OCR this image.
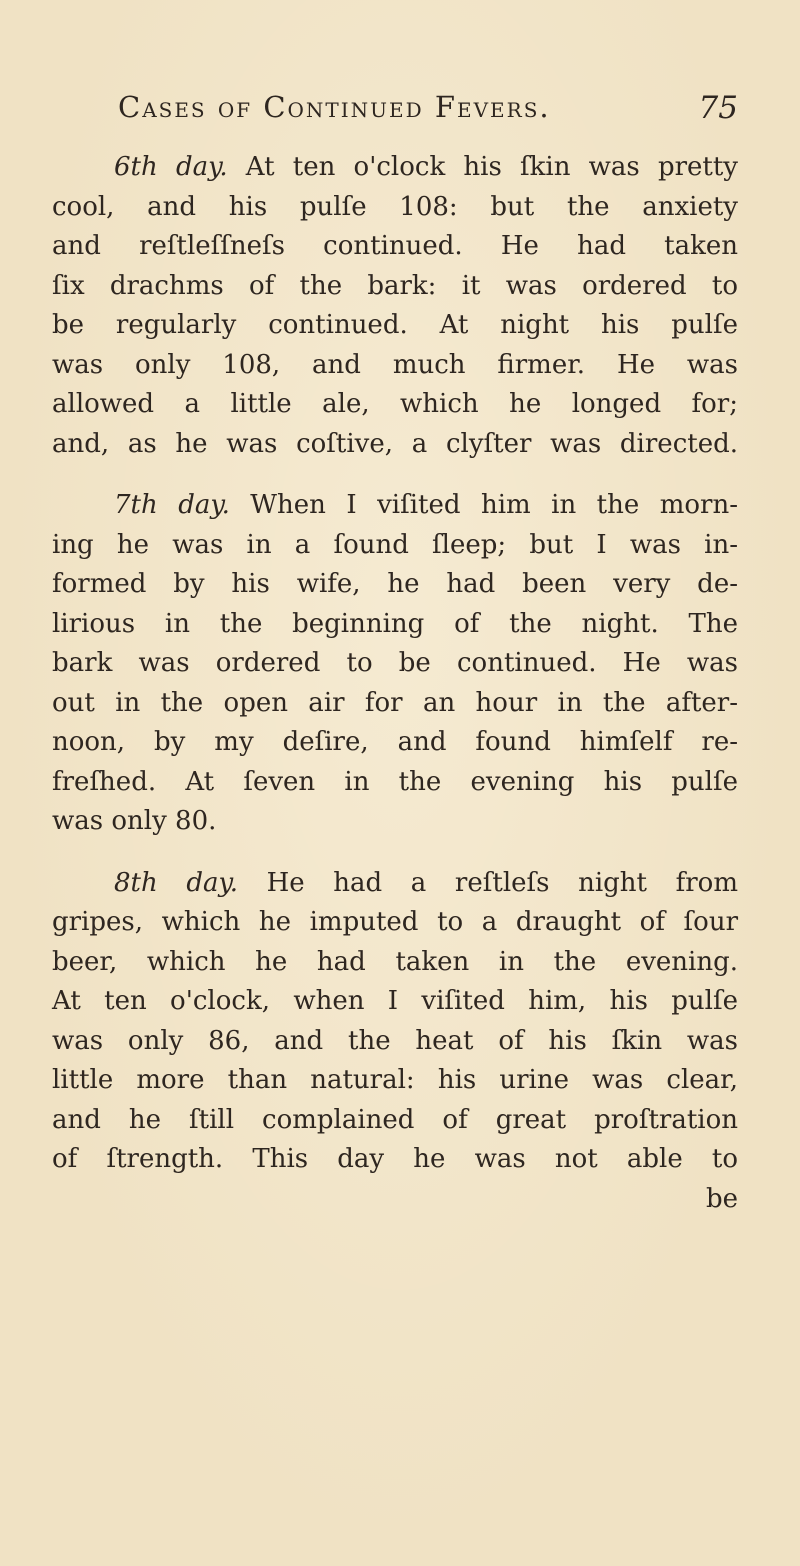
Cases of Continued Fevers.	75

6th day. At ten o'clock his ſkin was pretty
cool, and his pulſe 108: but the anxiety
and reſtleſſneſs continued. He had taken
ſix drachms of the bark: it was ordered to
be regularly continued. At night his pulſe
was only 108, and much firmer. He was
allowed a little ale, which he longed for;
and, as he was coſtive, a clyſter was directed.

7th day. When I viſited him in the morn-
ing he was in a ſound ſleep; but I was in-
formed by his wife, he had been very de-
lirious in the beginning of the night. The
bark was ordered to be continued. He was
out in the open air for an hour in the after-
noon, by my deſire, and found himſelf re-
freſhed. At ſeven in the evening his pulſe
was only 80.

8th day. He had a reſtleſs night from
gripes, which he imputed to a draught of ſour
beer, which he had taken in the evening.
At ten o'clock, when I viſited him, his pulſe
was only 86, and the heat of his ſkin was
little more than natural: his urine was clear,
and he ſtill complained of great proſtration
of ſtrength. This day he was not able to
be
